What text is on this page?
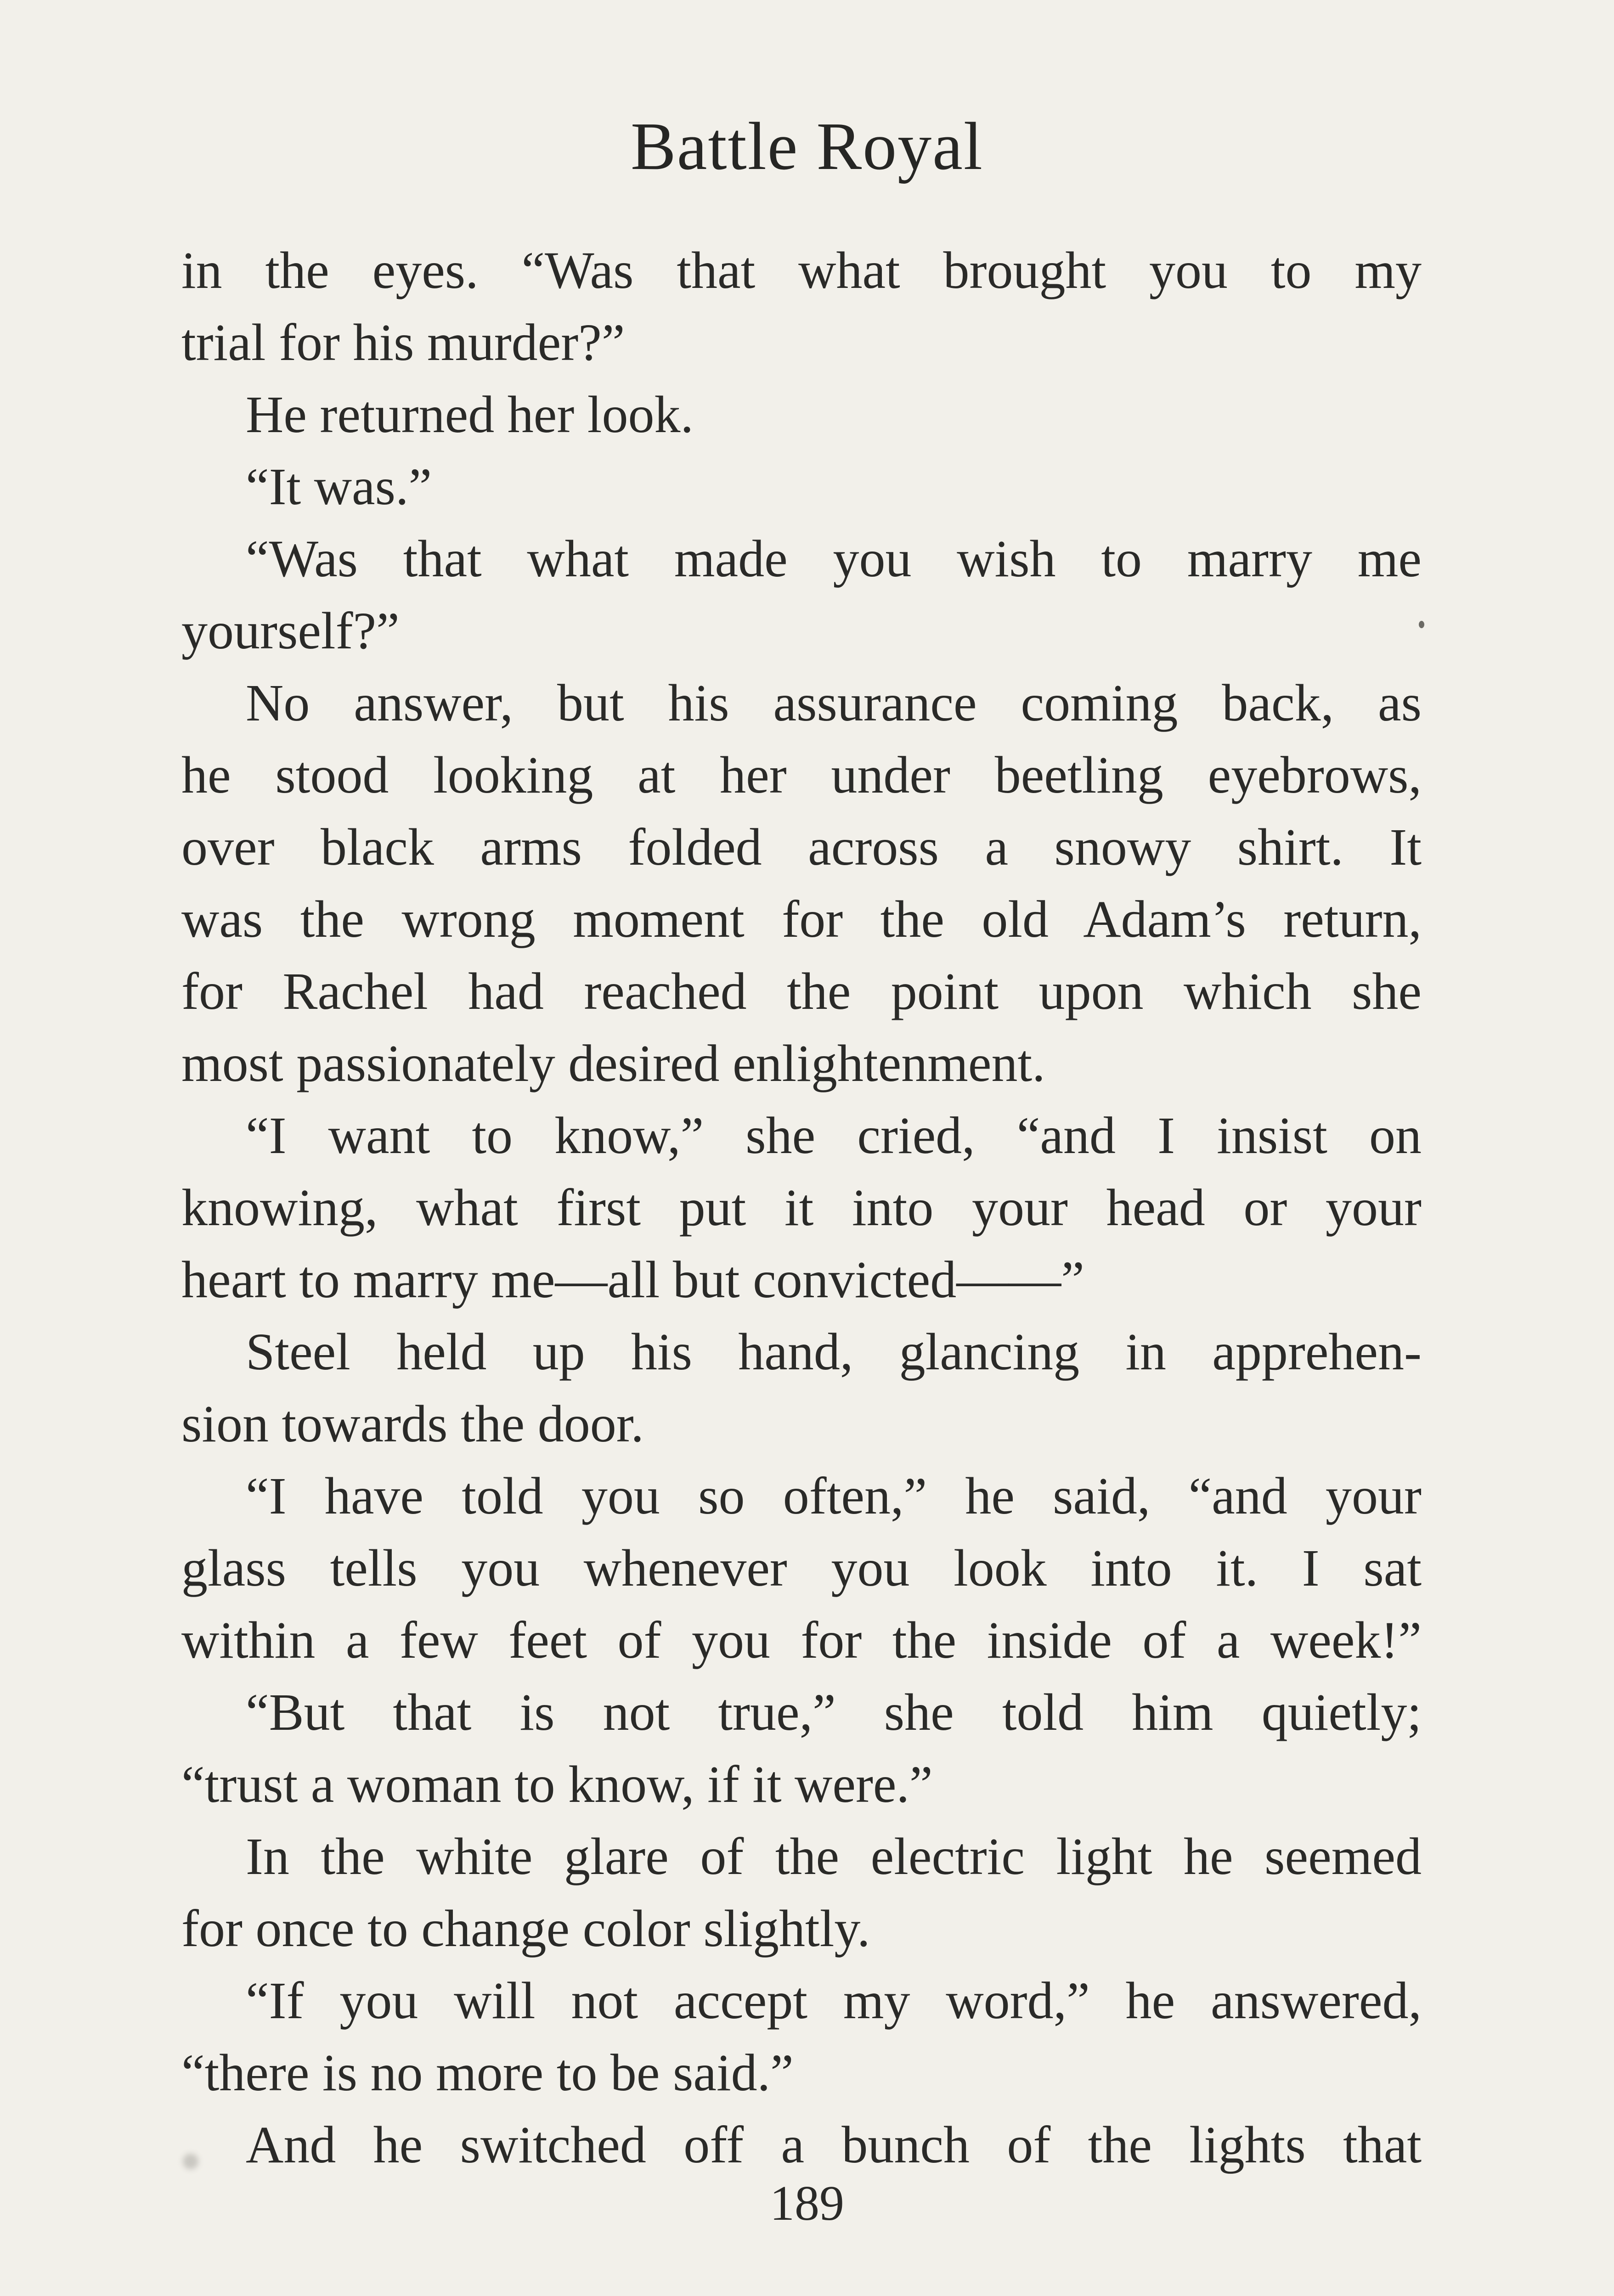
Battle Royal
in the eyes. “Was that what brought you to my
trial for his murder?”
He returned her look.
“It was.”
“Was that what made you wish to marry me
yourself?”
No answer, but his assurance coming back, as
he stood looking at her under beetling eyebrows,
over black arms folded across a snowy shirt. It
was the wrong moment for the old Adam’s return,
for Rachel had reached the point upon which she
most passionately desired enlightenment.
“I want to know,” she cried, “and I insist on
knowing, what first put it into your head or your
heart to marry me—all but convicted——”
Steel held up his hand, glancing in apprehen-
sion towards the door.
“I have told you so often,” he said, “and your
glass tells you whenever you look into it. I sat
within a few feet of you for the inside of a week!”
“But that is not true,” she told him quietly;
“trust a woman to know, if it were.”
In the white glare of the electric light he seemed
for once to change color slightly.
“If you will not accept my word,” he answered,
“there is no more to be said.”
And he switched off a bunch of the lights that
189
